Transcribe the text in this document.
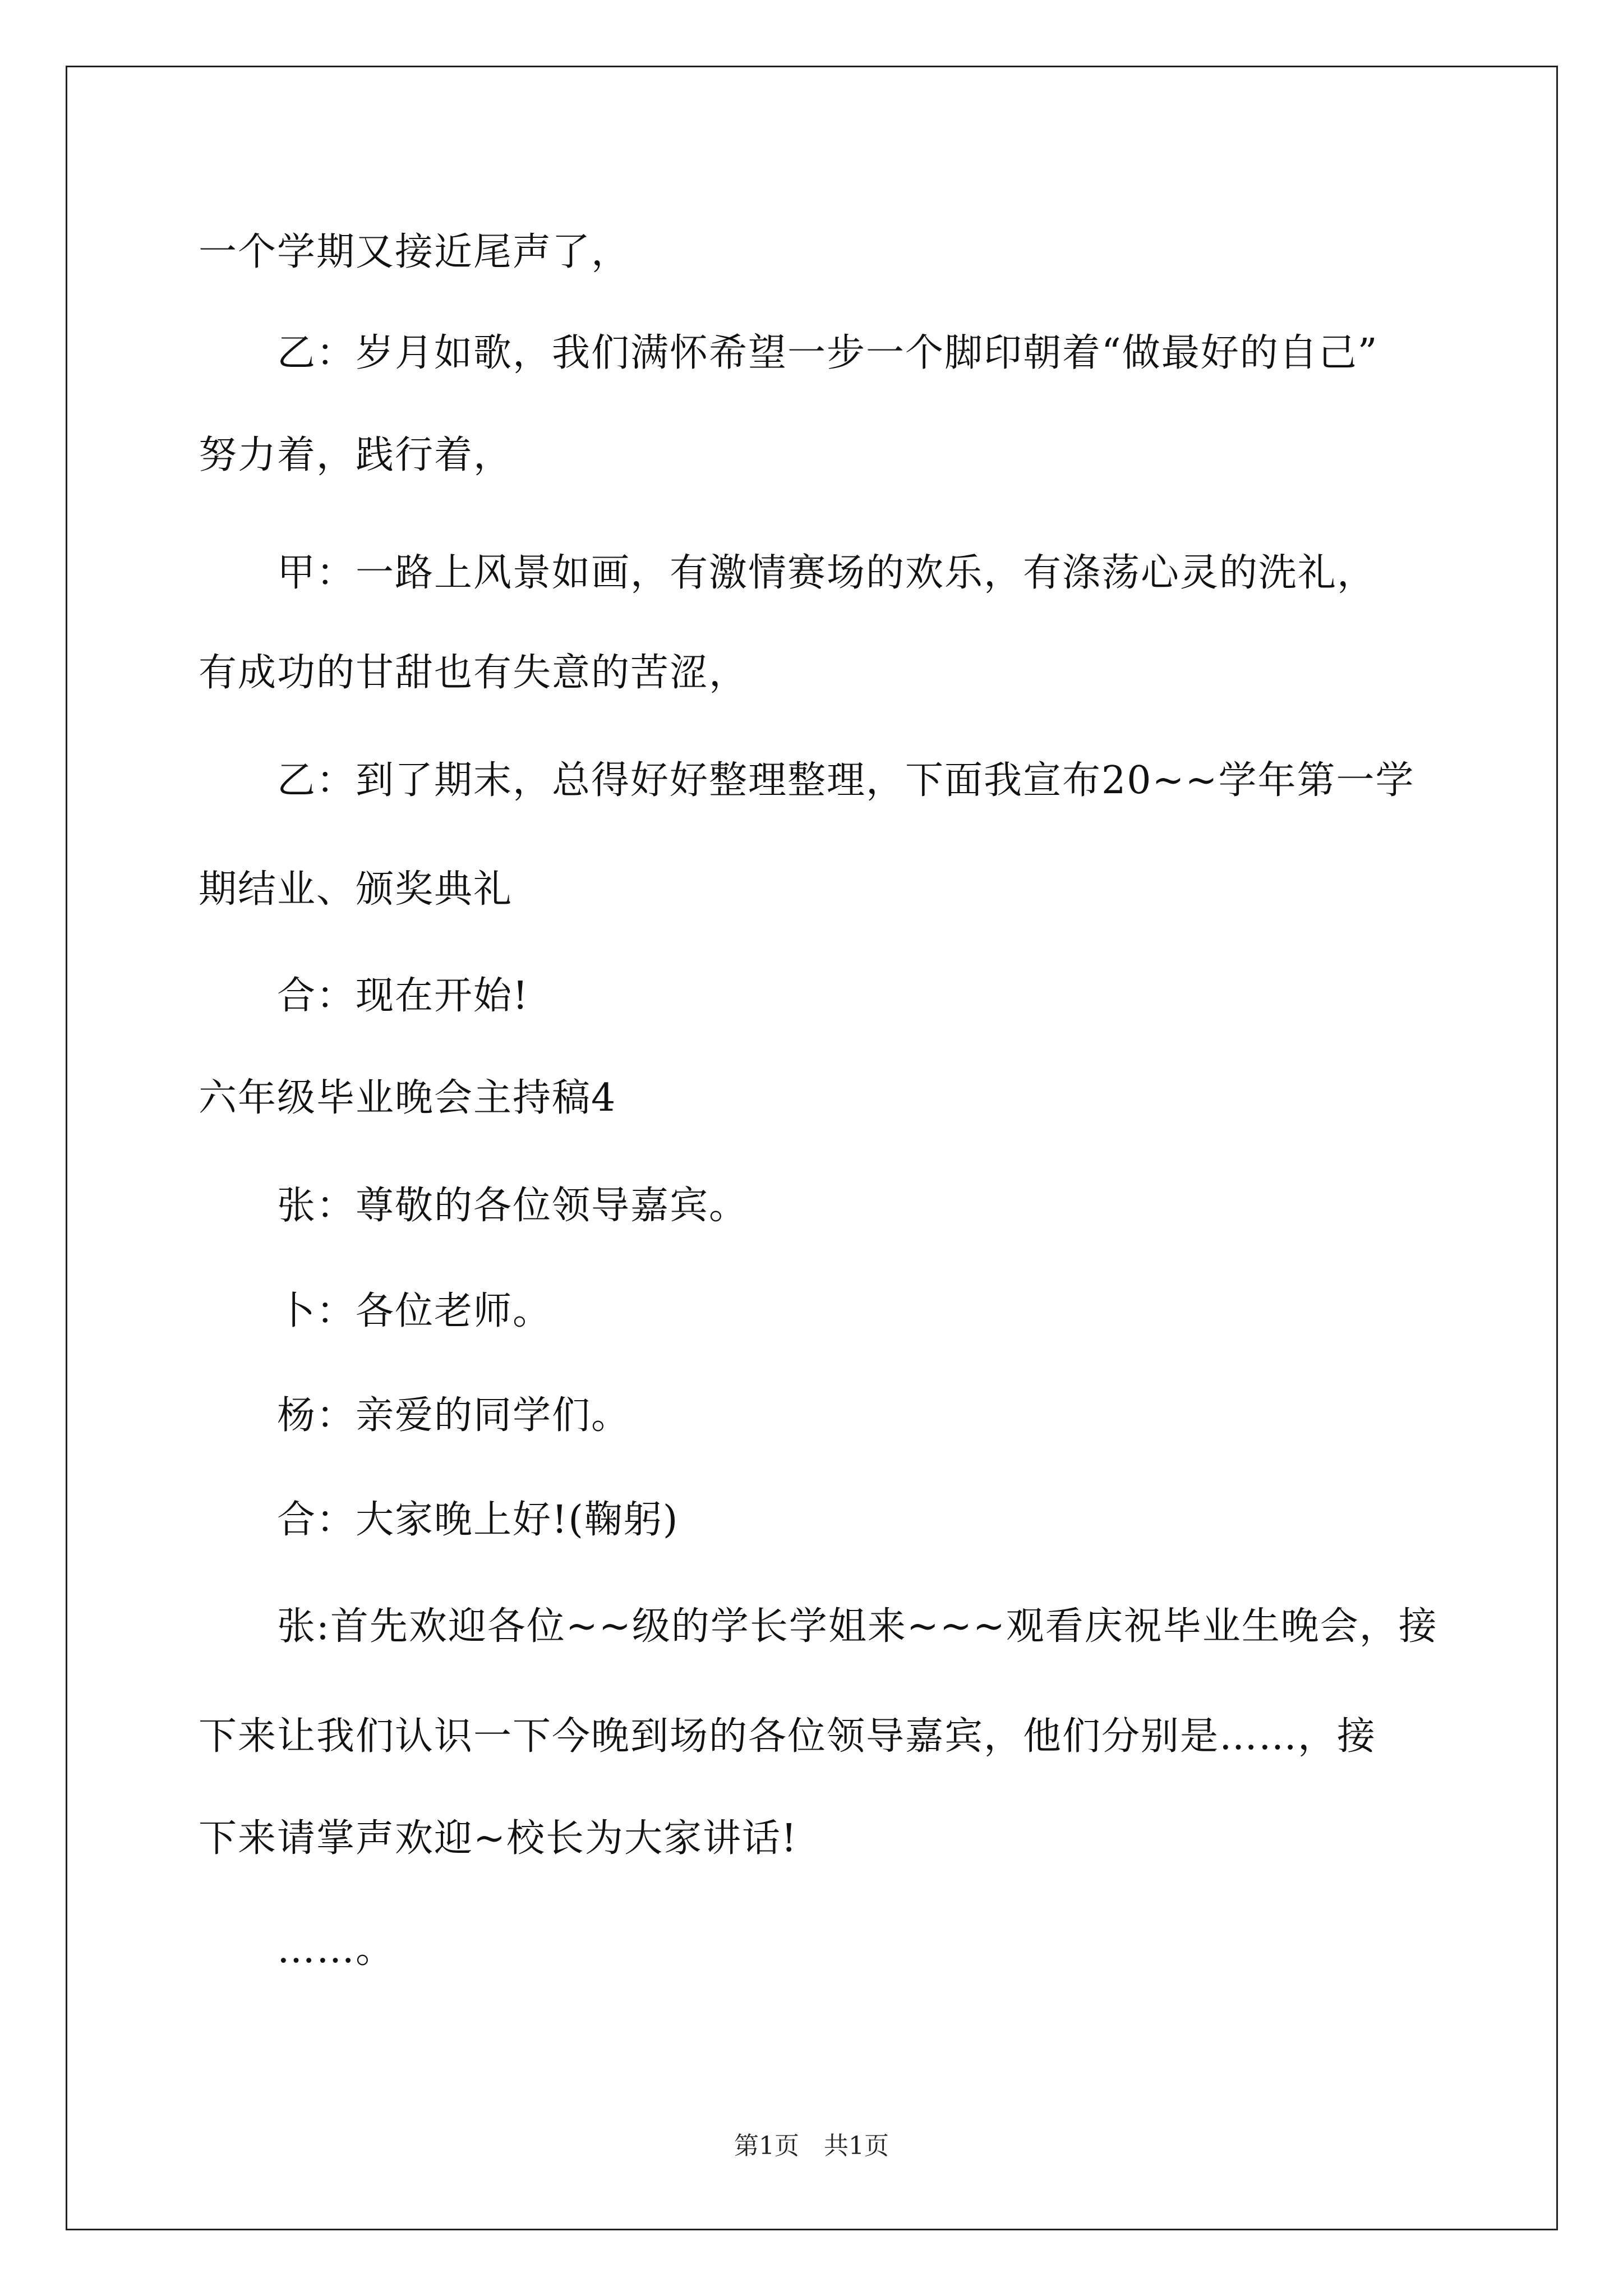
一个学期又接近尾声了，
乙：岁月如歌，我们满怀希望一步一个脚印朝着“做最好的自己”
努力着，践行着，
甲：一路上风景如画，有激情赛场的欢乐，有涤荡心灵的洗礼，
有成功的甘甜也有失意的苦涩，
乙：到了期末，总得好好整理整理，下面我宣布20~~学年第一学
期结业、颁奖典礼
合：现在开始!
六年级毕业晚会主持稿4
张：尊敬的各位领导嘉宾。
卜：各位老师。
杨：亲爱的同学们。
合：大家晚上好!(鞠躬)
张:首先欢迎各位~~级的学长学姐来~~~观看庆祝毕业生晚会，接
下来让我们认识一下今晚到场的各位领导嘉宾，他们分别是……，接
下来请掌声欢迎~校长为大家讲话!
……。
第1页　共1页
